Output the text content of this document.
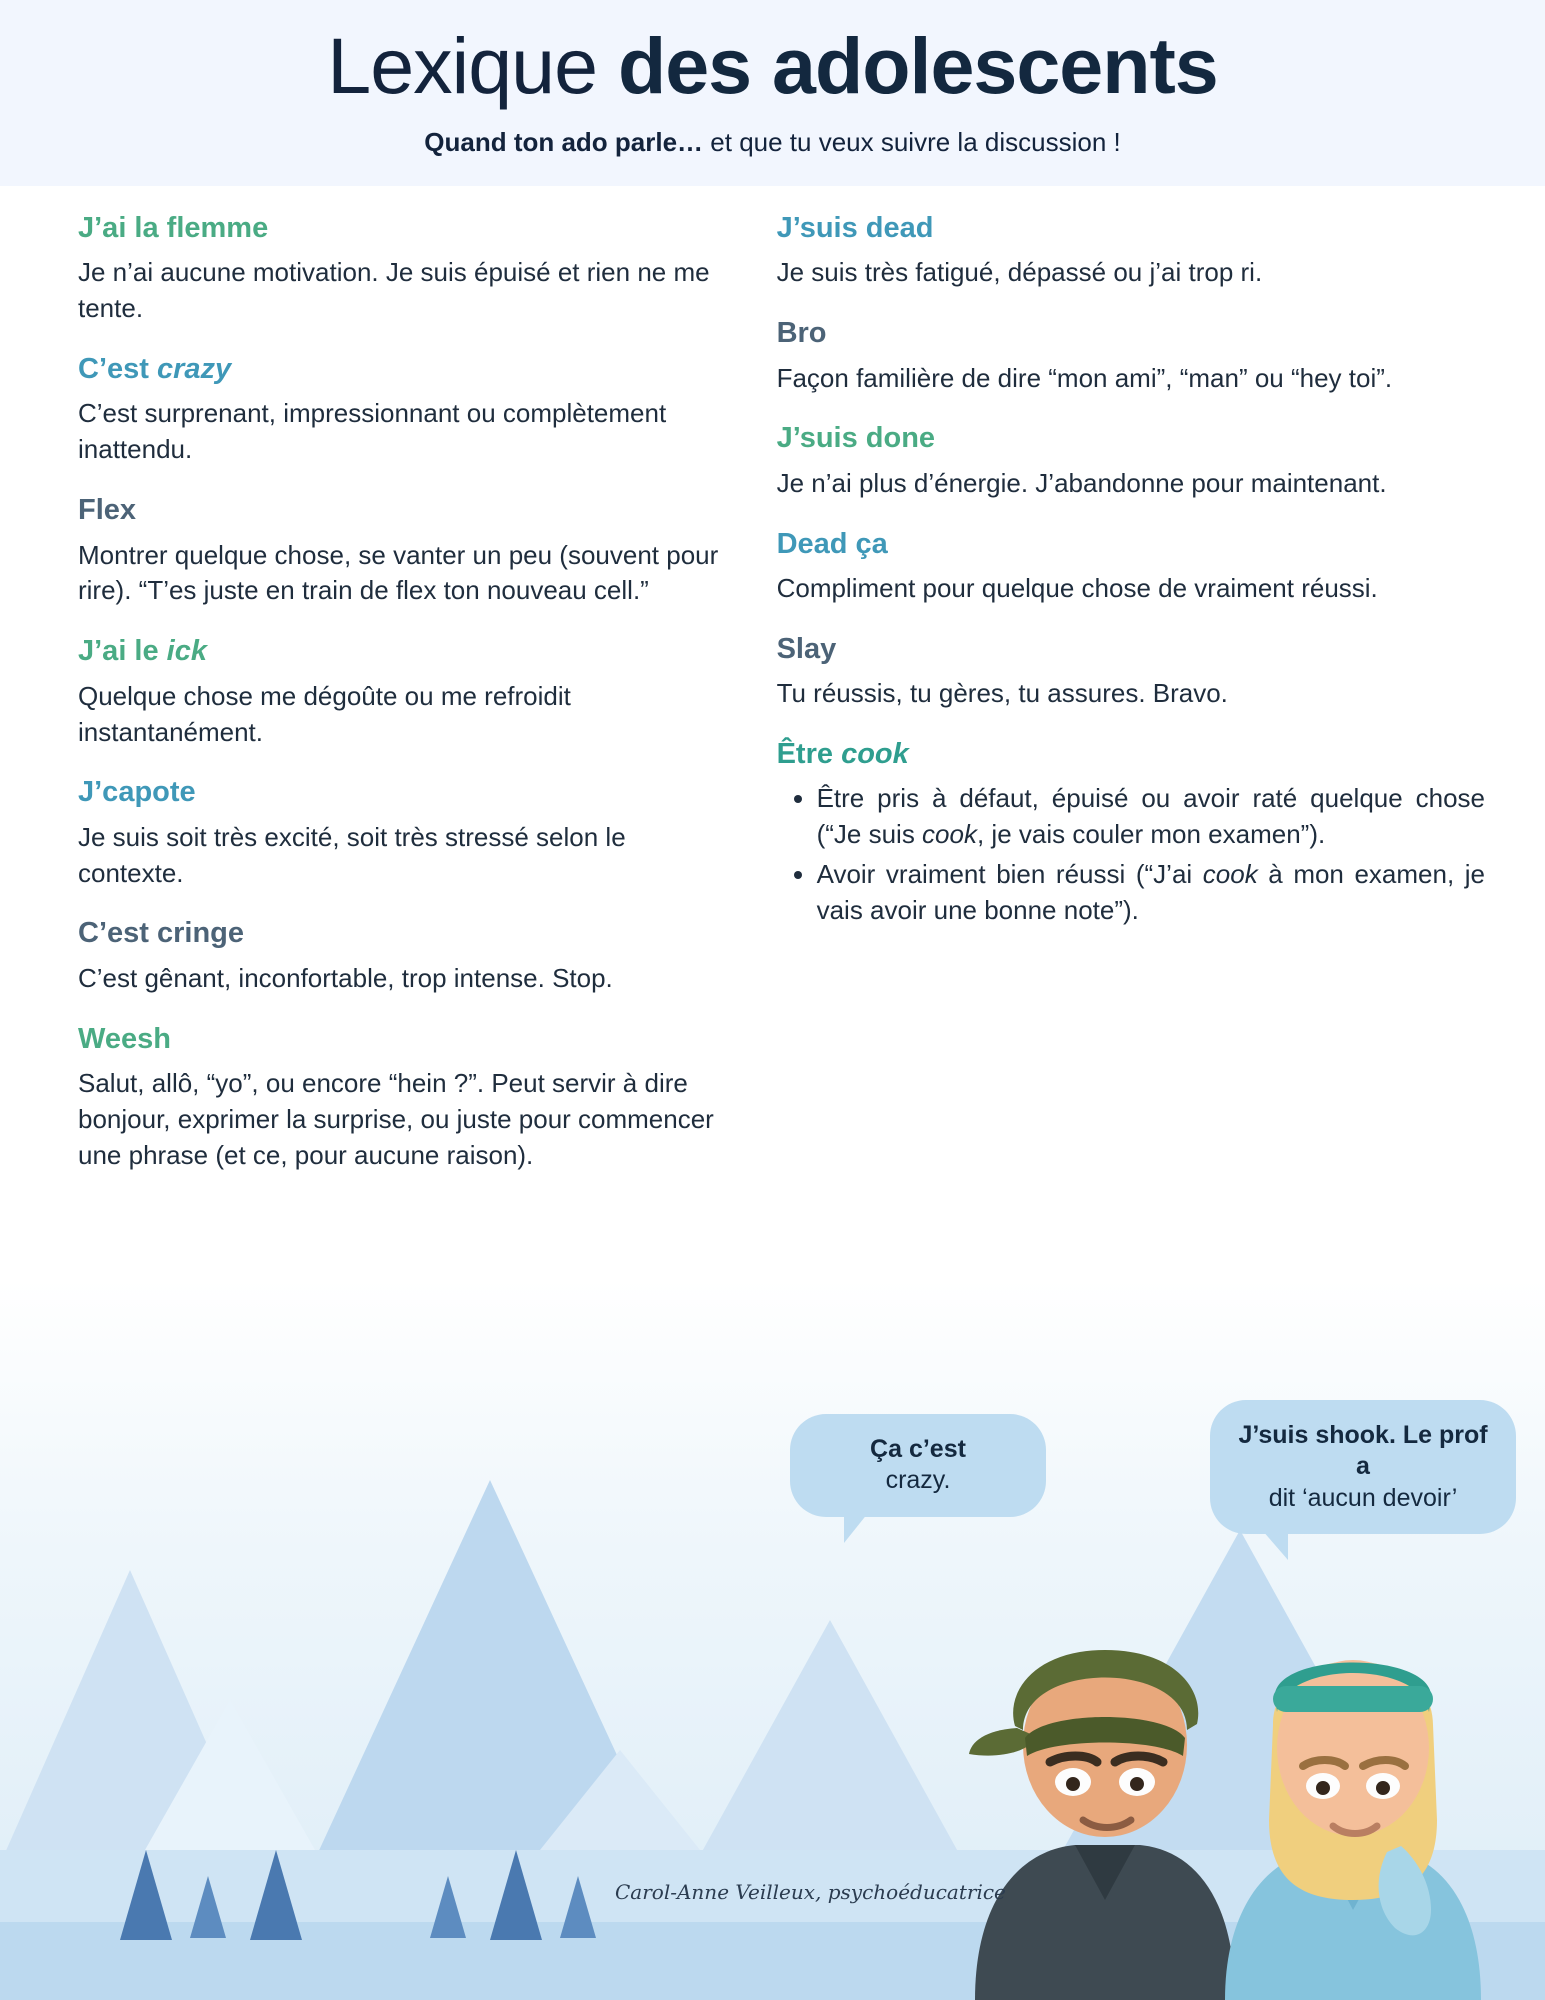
Lexique des adolescents
Quand ton ado parle… et que tu veux suivre la discussion !
Ça c’est
crazy.
J’suis shook. Le prof a
dit ‘aucun devoir’
Carol-Anne Veilleux, psychoéducatrice
J’ai la flemme
Je n’ai aucune motivation. Je suis épuisé et rien ne me tente.
C’est crazy
C’est surprenant, impressionnant ou complètement inattendu.
Flex
Montrer quelque chose, se vanter un peu (souvent pour rire). “T’es juste en train de flex ton nouveau cell.”
J’ai le ick
Quelque chose me dégoûte ou me refroidit instantanément.
J’capote
Je suis soit très excité, soit très stressé selon le contexte.
C’est cringe
C’est gênant, inconfortable, trop intense. Stop.
Weesh
Salut, allô, “yo”, ou encore “hein ?”. Peut servir à dire bonjour, exprimer la surprise, ou juste pour commencer une phrase (et ce, pour aucune raison).
J’suis dead
Je suis très fatigué, dépassé ou j’ai trop ri.
Bro
Façon familière de dire “mon ami”, “man” ou “hey toi”.
J’suis done
Je n’ai plus d’énergie. J’abandonne pour maintenant.
Dead ça
Compliment pour quelque chose de vraiment réussi.
Slay
Tu réussis, tu gères, tu assures. Bravo.
Être cook
• Être pris à défaut, épuisé ou avoir raté quelque chose (“Je suis cook, je vais couler mon examen”).
• Avoir vraiment bien réussi (“J’ai cook à mon examen, je vais avoir une bonne note”).
